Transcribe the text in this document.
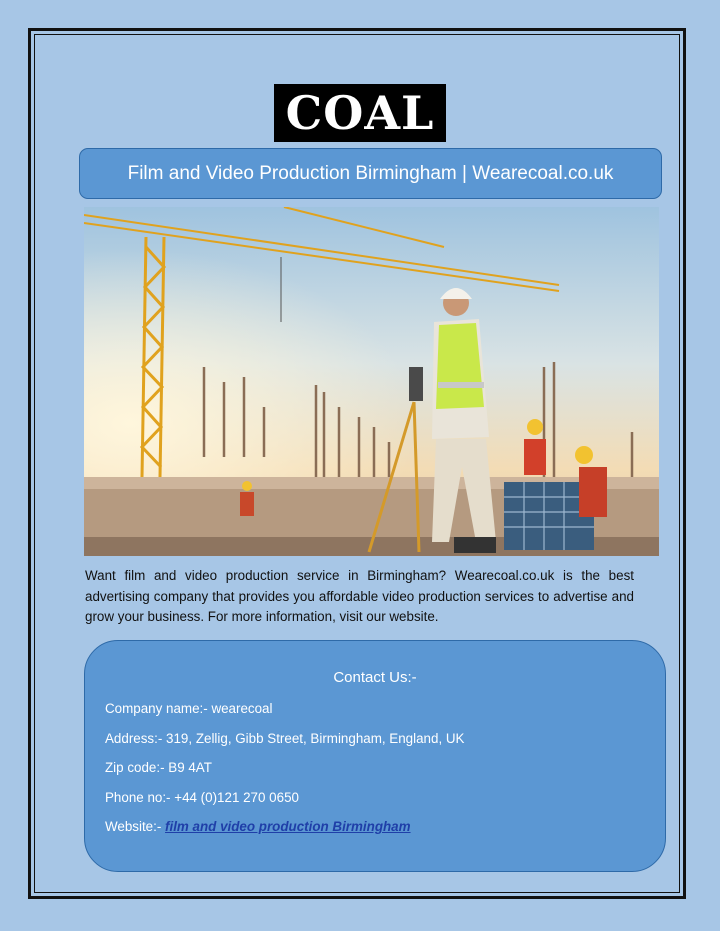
COAL
Film and Video Production Birmingham | Wearecoal.co.uk

Want film and video production service in Birmingham? Wearecoal.co.uk is the best advertising company that provides you affordable video production services to advertise and grow your business. For more information, visit our website.

Contact Us:-
Company name:- wearecoal
Address:- 319, Zellig, Gibb Street, Birmingham, England, UK
Zip code:- B9 4AT
Phone no:- +44 (0)121 270 0650
Website:- film and video production Birmingham
